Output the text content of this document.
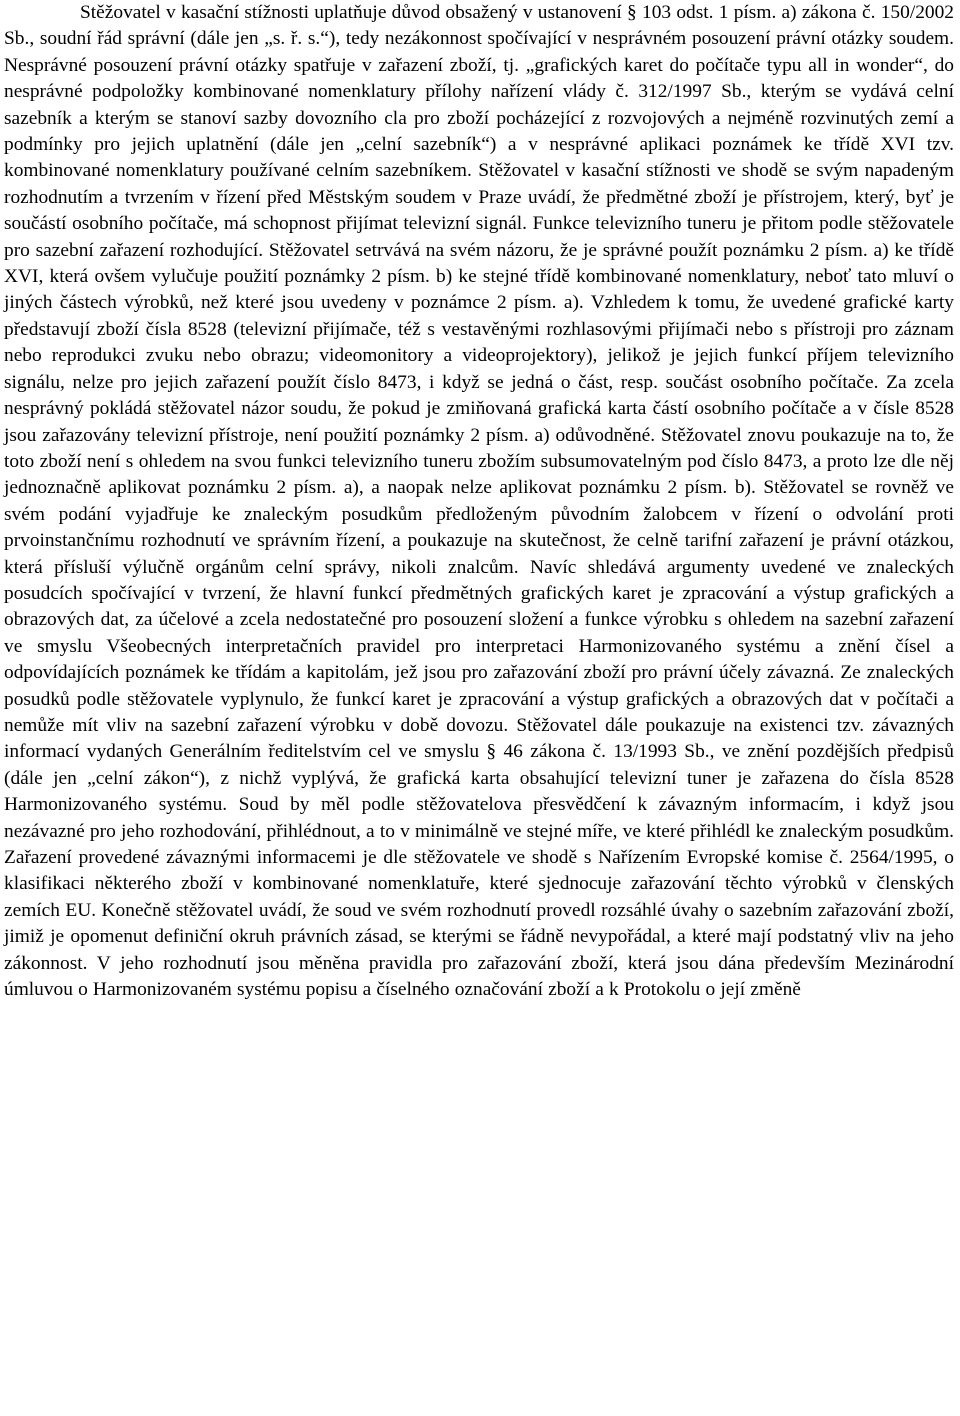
Stěžovatel v kasační stížnosti uplatňuje důvod obsažený v ustanovení § 103 odst. 1 písm. a) zákona č. 150/2002 Sb., soudní řád správní (dále jen „s. ř. s.“), tedy nezákonnost spočívající v nesprávném posouzení právní otázky soudem. Nesprávné posouzení právní otázky spatřuje v zařazení zboží, tj. „grafických karet do počítače typu all in wonder“, do nesprávné podpoložky kombinované nomenklatury přílohy nařízení vlády č. 312/1997 Sb., kterým se vydává celní sazebník a kterým se stanoví sazby dovozního cla pro zboží pocházející z rozvojových a nejméně rozvinutých zemí a podmínky pro jejich uplatnění (dále jen „celní sazebník“) a v nesprávné aplikaci poznámek ke třídě XVI tzv. kombinované nomenklatury používané celním sazebníkem. Stěžovatel v kasační stížnosti ve shodě se svým napadeným rozhodnutím a tvrzením v řízení před Městským soudem v Praze uvádí, že předmětné zboží je přístrojem, který, byť je součástí osobního počítače, má schopnost přijímat televizní signál. Funkce televizního tuneru je přitom podle stěžovatele pro sazební zařazení rozhodující. Stěžovatel setrvává na svém názoru, že je správné použít poznámku 2 písm. a) ke třídě XVI, která ovšem vylučuje použití poznámky 2 písm. b) ke stejné třídě kombinované nomenklatury, neboť tato mluví o jiných částech výrobků, než které jsou uvedeny v poznámce 2 písm. a). Vzhledem k tomu, že uvedené grafické karty představují zboží čísla 8528 (televizní přijímače, též s vestavěnými rozhlasovými přijímači nebo s přístroji pro záznam nebo reprodukci zvuku nebo obrazu; videomonitory a videoprojektory), jelikož je jejich funkcí příjem televizního signálu, nelze pro jejich zařazení použít číslo 8473, i když se jedná o část, resp. součást osobního počítače. Za zcela nesprávný pokládá stěžovatel názor soudu, že pokud je zmiňovaná grafická karta částí osobního počítače a v čísle 8528 jsou zařazovány televizní přístroje, není použití poznámky 2 písm. a) odůvodněné. Stěžovatel znovu poukazuje na to, že toto zboží není s ohledem na svou funkci televizního tuneru zbožím subsumovatelným pod číslo 8473, a proto lze dle něj jednoznačně aplikovat poznámku 2 písm. a), a naopak nelze aplikovat poznámku 2 písm. b). Stěžovatel se rovněž ve svém podání vyjadřuje ke znaleckým posudkům předloženým původním žalobcem v řízení o odvolání proti prvoinstančnímu rozhodnutí ve správním řízení, a poukazuje na skutečnost, že celně tarifní zařazení je právní otázkou, která přísluší výlučně orgánům celní správy, nikoli znalcům. Navíc shledává argumenty uvedené ve znaleckých posudcích spočívající v tvrzení, že hlavní funkcí předmětných grafických karet je zpracování a výstup grafických a obrazových dat, za účelové a zcela nedostatečné pro posouzení složení a funkce výrobku s ohledem na sazební zařazení ve smyslu Všeobecných interpretačních pravidel pro interpretaci Harmonizovaného systému a znění čísel a odpovídajících poznámek ke třídám a kapitolám, jež jsou pro zařazování zboží pro právní účely závazná. Ze znaleckých posudků podle stěžovatele vyplynulo, že funkcí karet je zpracování a výstup grafických a obrazových dat v počítači a nemůže mít vliv na sazební zařazení výrobku v době dovozu. Stěžovatel dále poukazuje na existenci tzv. závazných informací vydaných Generálním ředitelstvím cel ve smyslu § 46 zákona č. 13/1993 Sb., ve znění pozdějších předpisů (dále jen „celní zákon“), z nichž vyplývá, že grafická karta obsahující televizní tuner je zařazena do čísla 8528 Harmonizovaného systému. Soud by měl podle stěžovatelova přesvědčení k závazným informacím, i když jsou nezávazné pro jeho rozhodování, přihlédnout, a to v minimálně ve stejné míře, ve které přihlédl ke znaleckým posudkům. Zařazení provedené závaznými informacemi je dle stěžovatele ve shodě s Nařízením Evropské komise č. 2564/1995, o klasifikaci některého zboží v kombinované nomenklatuře, které sjednocuje zařazování těchto výrobků v členských zemích EU. Konečně stěžovatel uvádí, že soud ve svém rozhodnutí provedl rozsáhlé úvahy o sazebním zařazování zboží, jimiž je opomenut definiční okruh právních zásad, se kterými se řádně nevypořádal, a které mají podstatný vliv na jeho zákonnost. V jeho rozhodnutí jsou měněna pravidla pro zařazování zboží, která jsou dána především Mezinárodní úmluvou o Harmonizovaném systému popisu a číselného označování zboží a k Protokolu o její změně
